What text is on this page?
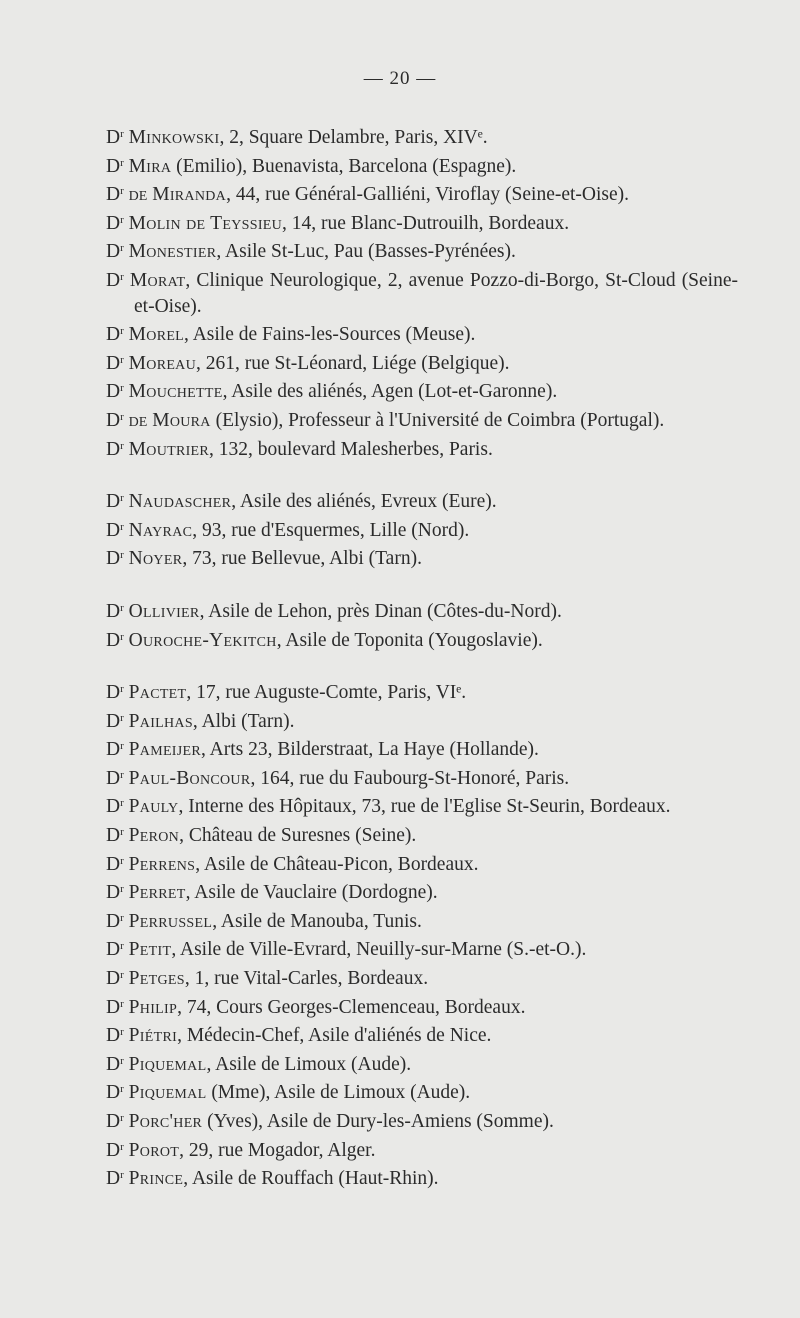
— 20 —
$D^r$ Minkowski, 2, Square Delambre, Paris, XIVᵉ.
$D^r$ Mira (Emilio), Buenavista, Barcelona (Espagne).
$D^r$ de Miranda, 44, rue Général-Galliéni, Viroflay (Seine-et-Oise).
$D^r$ Molin de Teyssieu, 14, rue Blanc-Dutrouilh, Bordeaux.
$D^r$ Monestier, Asile St-Luc, Pau (Basses-Pyrénées).
$D^r$ Morat, Clinique Neurologique, 2, avenue Pozzo-di-Borgo, St-Cloud (Seine-et-Oise).
$D^r$ Morel, Asile de Fains-les-Sources (Meuse).
$D^r$ Moreau, 261, rue St-Léonard, Liége (Belgique).
$D^r$ Mouchette, Asile des aliénés, Agen (Lot-et-Garonne).
$D^r$ de Moura (Elysio), Professeur à l'Université de Coimbra (Portugal).
$D^r$ Moutrier, 132, boulevard Malesherbes, Paris.
$D^r$ Naudascher, Asile des aliénés, Evreux (Eure).
$D^r$ Nayrac, 93, rue d'Esquermes, Lille (Nord).
$D^r$ Noyer, 73, rue Bellevue, Albi (Tarn).
$D^r$ Ollivier, Asile de Lehon, près Dinan (Côtes-du-Nord).
$D^r$ Ouroche-Yekitch, Asile de Toponita (Yougoslavie).
$D^r$ Pactet, 17, rue Auguste-Comte, Paris, VIᵉ.
$D^r$ Pailhas, Albi (Tarn).
$D^r$ Pameijer, Arts 23, Bilderstraat, La Haye (Hollande).
$D^r$ Paul-Boncour, 164, rue du Faubourg-St-Honoré, Paris.
$D^r$ Pauly, Interne des Hôpitaux, 73, rue de l'Eglise St-Seurin, Bordeaux.
$D^r$ Peron, Château de Suresnes (Seine).
$D^r$ Perrens, Asile de Château-Picon, Bordeaux.
$D^r$ Perret, Asile de Vauclaire (Dordogne).
$D^r$ Perrussel, Asile de Manouba, Tunis.
$D^r$ Petit, Asile de Ville-Evrard, Neuilly-sur-Marne (S.-et-O.).
$D^r$ Petges, 1, rue Vital-Carles, Bordeaux.
$D^r$ Philip, 74, Cours Georges-Clemenceau, Bordeaux.
$D^r$ Piétri, Médecin-Chef, Asile d'aliénés de Nice.
$D^r$ Piquemal, Asile de Limoux (Aude).
$D^r$ Piquemal (Mme), Asile de Limoux (Aude).
$D^r$ Porc'her (Yves), Asile de Dury-les-Amiens (Somme).
$D^r$ Porot, 29, rue Mogador, Alger.
$D^r$ Prince, Asile de Rouffach (Haut-Rhin).
